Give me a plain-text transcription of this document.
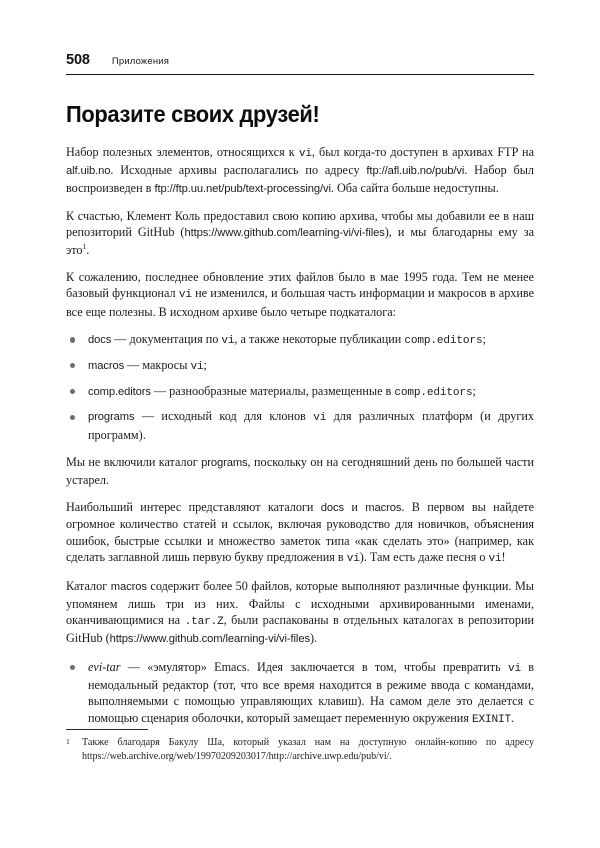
508 Приложения
Поразите своих друзей!

Набор полезных элементов, относящихся к vi, был когда-то доступен в архивах FTP на alf.uib.no. Исходные архивы располагались по адресу ftp://afl.uib.no/pub/vi. Набор был воспроизведен в ftp://ftp.uu.net/pub/text-processing/vi. Оба сайта больше недоступны.

К счастью, Клемент Коль предоставил свою копию архива, чтобы мы добавили ее в наш репозиторий GitHub (https://www.github.com/learning-vi/vi-files), и мы благодарны ему за это$^1$.

К сожалению, последнее обновление этих файлов было в мае 1995 года. Тем не менее базовый функционал vi не изменился, и большая часть информации и макросов в архиве все еще полезны. В исходном архиве было четыре подкаталога:

docs — документация по vi, а также некоторые публикации comp.editors;
macros — макросы vi;
comp.editors — разнообразные материалы, размещенные в comp.editors;
programs — исходный код для клонов vi для различных платформ (и других программ).

Мы не включили каталог programs, поскольку он на сегодняшний день по большей части устарел.

Наибольший интерес представляют каталоги docs и macros. В первом вы найдете огромное количество статей и ссылок, включая руководство для новичков, объяснения ошибок, быстрые ссылки и множество заметок типа «как сделать это» (например, как сделать заглавной лишь первую букву предложения в vi). Там есть даже песня о vi!

Каталог macros содержит более 50 файлов, которые выполняют различные функции. Мы упомянем лишь три из них. Файлы с исходными архивированными именами, оканчивающимися на .tar.Z, были распакованы в отдельных каталогах в репозитории GitHub (https://www.github.com/learning-vi/vi-files).

evi-tar — «эмулятор» Emacs. Идея заключается в том, чтобы превратить vi в немодальный редактор (тот, что все время находится в режиме ввода с командами, выполняемыми с помощью управляющих клавиш). На самом деле это делается с помощью сценария оболочки, который замещает переменную окружения EXINIT.
1 Также благодаря Бакулу Ша, который указал нам на доступную онлайн-копию по адресу https://web.archive.org/web/19970209203017/http://archive.uwp.edu/pub/vi/.
